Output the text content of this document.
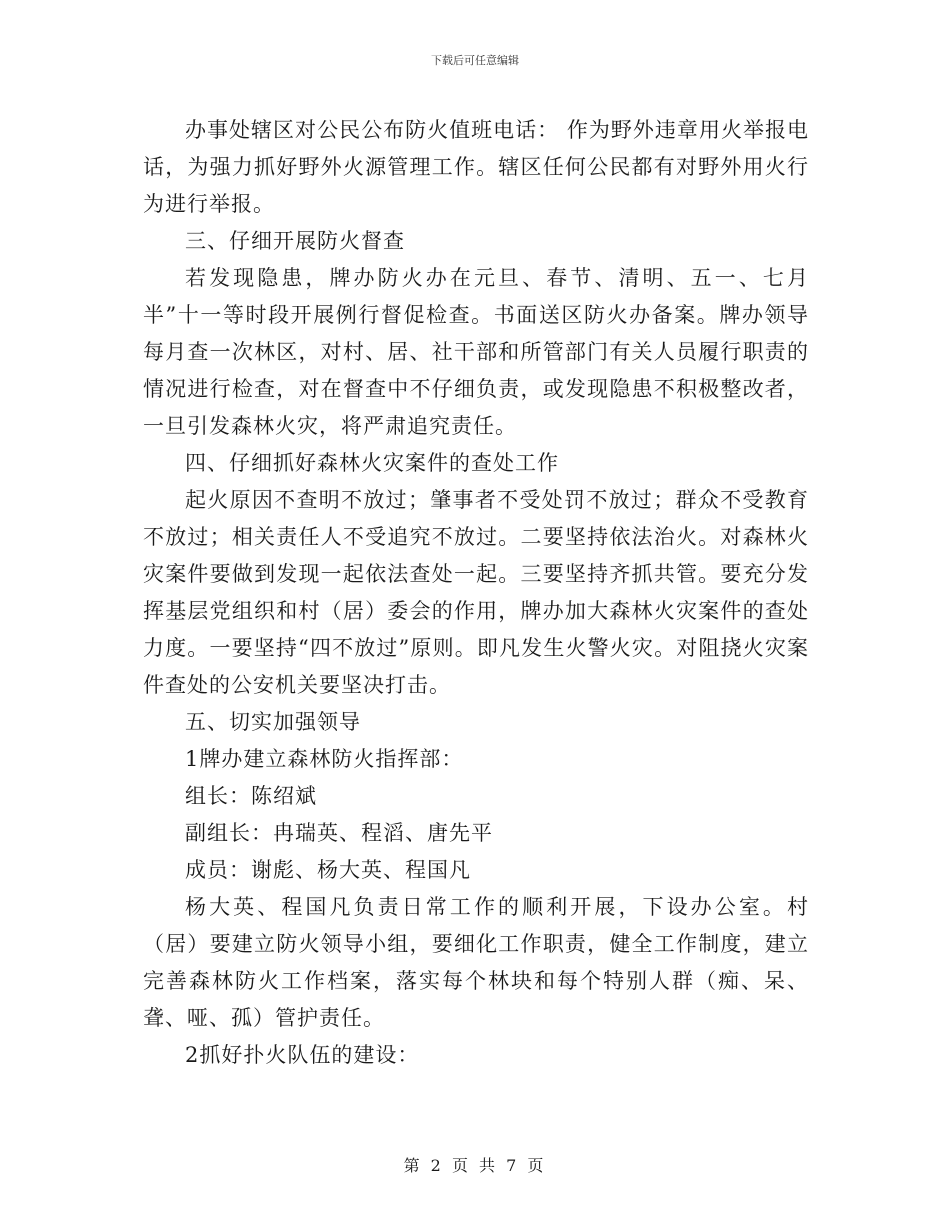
下载后可任意编辑

办事处辖区对公民公布防火值班电话： 作为野外违章用火举报电话，为强力抓好野外火源管理工作。辖区任何公民都有对野外用火行为进行举报。

三、仔细开展防火督查

若发现隐患，牌办防火办在元旦、春节、清明、五一、七月半”十一等时段开展例行督促检查。书面送区防火办备案。牌办领导每月查一次林区，对村、居、社干部和所管部门有关人员履行职责的情况进行检查，对在督查中不仔细负责，或发现隐患不积极整改者，一旦引发森林火灾，将严肃追究责任。

四、仔细抓好森林火灾案件的查处工作

起火原因不查明不放过；肇事者不受处罚不放过；群众不受教育不放过；相关责任人不受追究不放过。二要坚持依法治火。对森林火灾案件要做到发现一起依法查处一起。三要坚持齐抓共管。要充分发挥基层党组织和村（居）委会的作用，牌办加大森林火灾案件的查处力度。一要坚持“四不放过”原则。即凡发生火警火灾。对阻挠火灾案件查处的公安机关要坚决打击。

五、切实加强领导

1牌办建立森林防火指挥部：

组长：陈绍斌

副组长：冉瑞英、程滔、唐先平

成员：谢彪、杨大英、程国凡

杨大英、程国凡负责日常工作的顺利开展，下设办公室。村（居）要建立防火领导小组，要细化工作职责，健全工作制度，建立完善森林防火工作档案，落实每个林块和每个特别人群（痴、呆、聋、哑、孤）管护责任。

2抓好扑火队伍的建设：

第 2 页 共 7 页
